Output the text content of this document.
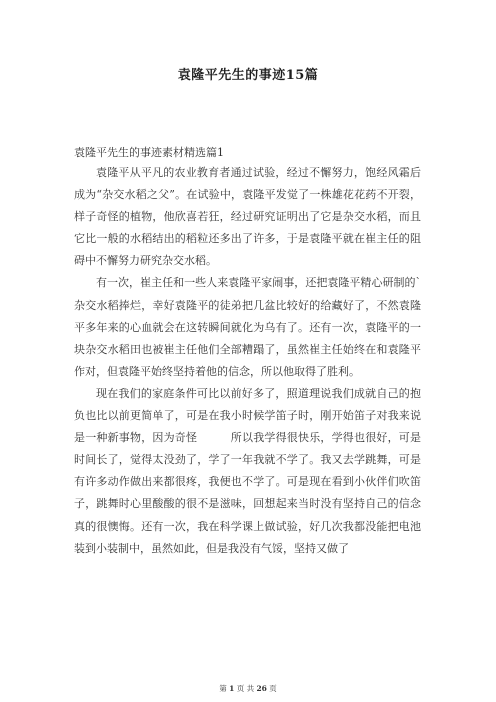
袁隆平先生的事迹15篇
袁隆平先生的事迹素材精选篇1

袁隆平从平凡的农业教育者通过试验，经过不懈努力，饱经风霜后成为“杂交水稻之父”。在试验中，袁隆平发觉了一株雄花花药不开裂，样子奇怪的植物，他欣喜若狂，经过研究证明出了它是杂交水稻，而且它比一般的水稻结出的稻粒还多出了许多，于是袁隆平就在崔主任的阻碍中不懈努力研究杂交水稻。

有一次，崔主任和一些人来袁隆平家闹事，还把袁隆平精心研制的`杂交水稻捧烂，幸好袁隆平的徒弟把几盆比较好的给藏好了，不然袁隆平多年来的心血就会在这转瞬间就化为乌有了。还有一次，袁隆平的一块杂交水稻田也被崔主任他们全部糟蹋了，虽然崔主任始终在和袁隆平作对，但袁隆平始终坚持着他的信念，所以他取得了胜利。

现在我们的家庭条件可比以前好多了，照道理说我们成就自己的抱负也比以前更简单了，可是在我小时候学笛子时，刚开始笛子对我来说是一种新事物，因为奇怪　　　所以我学得很快乐，学得也很好，可是时间长了，觉得太没劲了，学了一年我就不学了。我又去学跳舞，可是有许多动作做出来都很疼，我便也不学了。可是现在看到小伙伴们吹笛子，跳舞时心里酸酸的很不是滋味，回想起来当时没有坚持自己的信念真的很懊悔。还有一次，我在科学课上做试验，好几次我都没能把电池装到小装制中，虽然如此，但是我没有气馁，坚持又做了

第 1 页 共 26 页
